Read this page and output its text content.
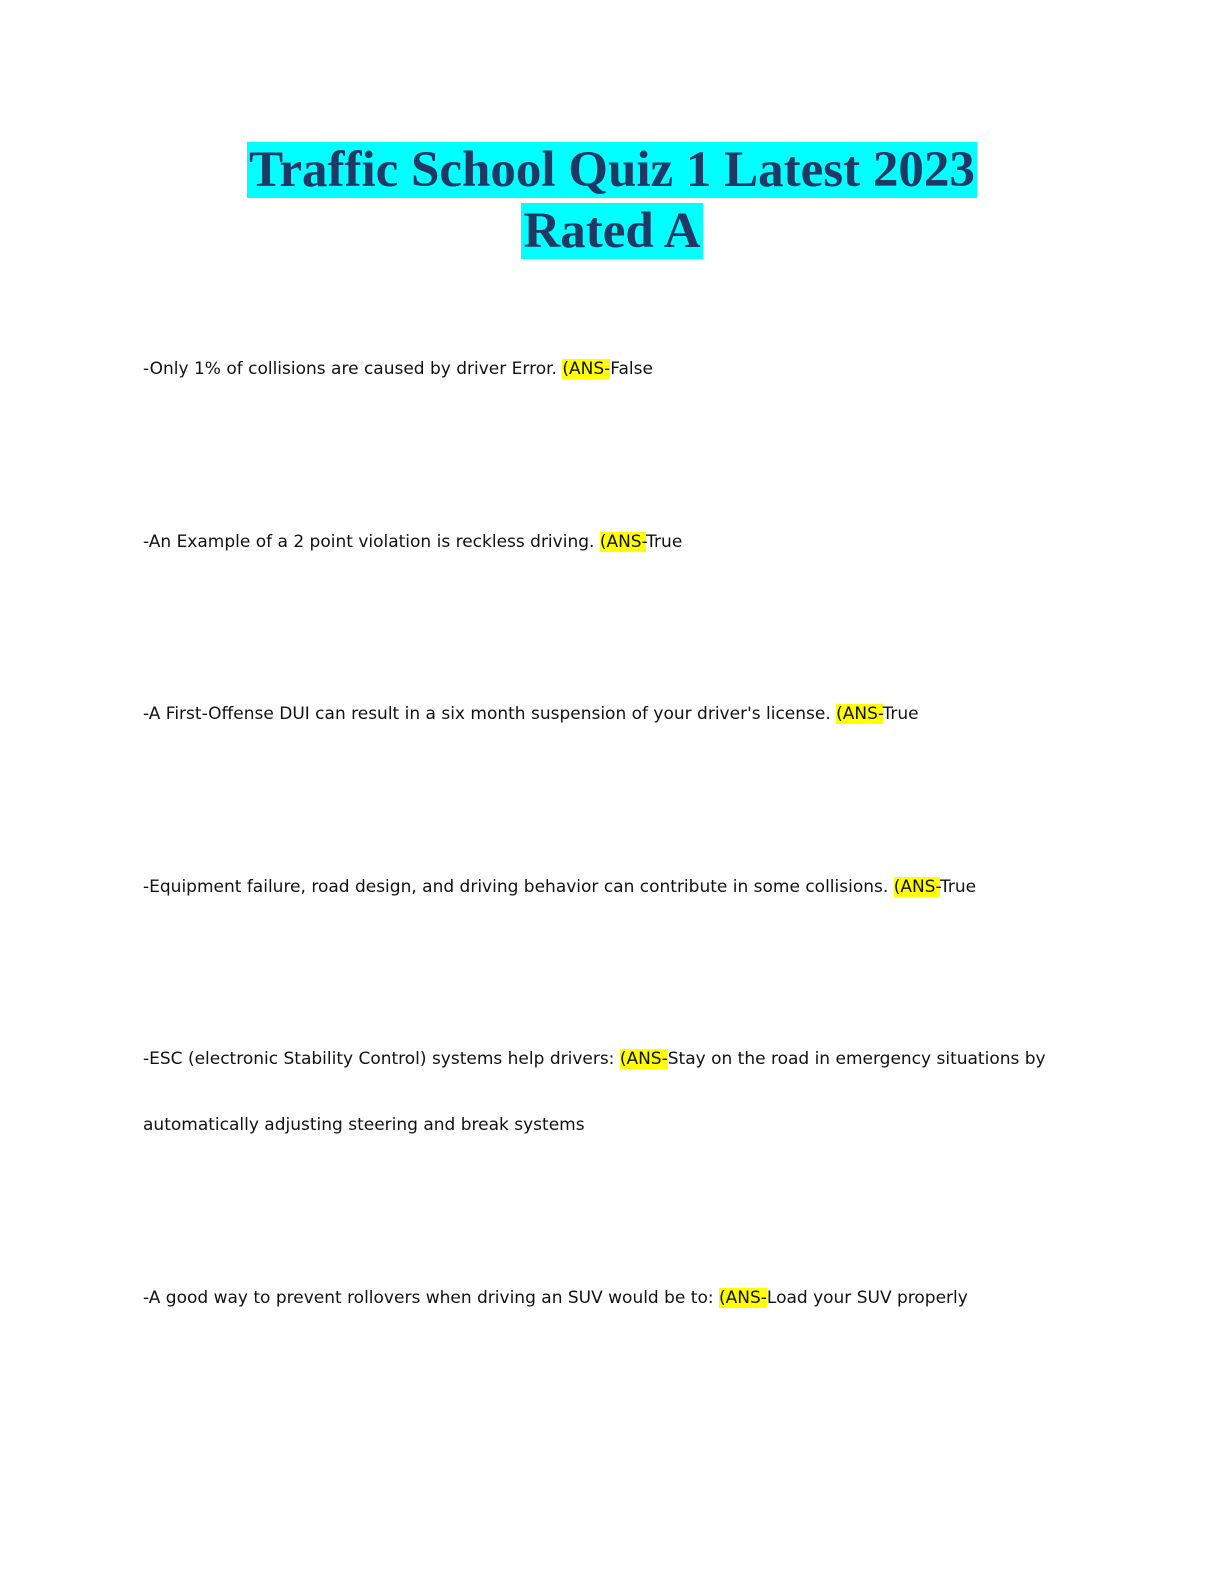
Traffic School Quiz 1 Latest 2023
Rated A
-Only 1% of collisions are caused by driver Error. (ANS-False
-An Example of a 2 point violation is reckless driving. (ANS-True
-A First-Offense DUI can result in a six month suspension of your driver's license. (ANS-True
-Equipment failure, road design, and driving behavior can contribute in some collisions. (ANS-True
-ESC (electronic Stability Control) systems help drivers: (ANS-Stay on the road in emergency situations by
automatically adjusting steering and break systems
-A good way to prevent rollovers when driving an SUV would be to: (ANS-Load your SUV properly
